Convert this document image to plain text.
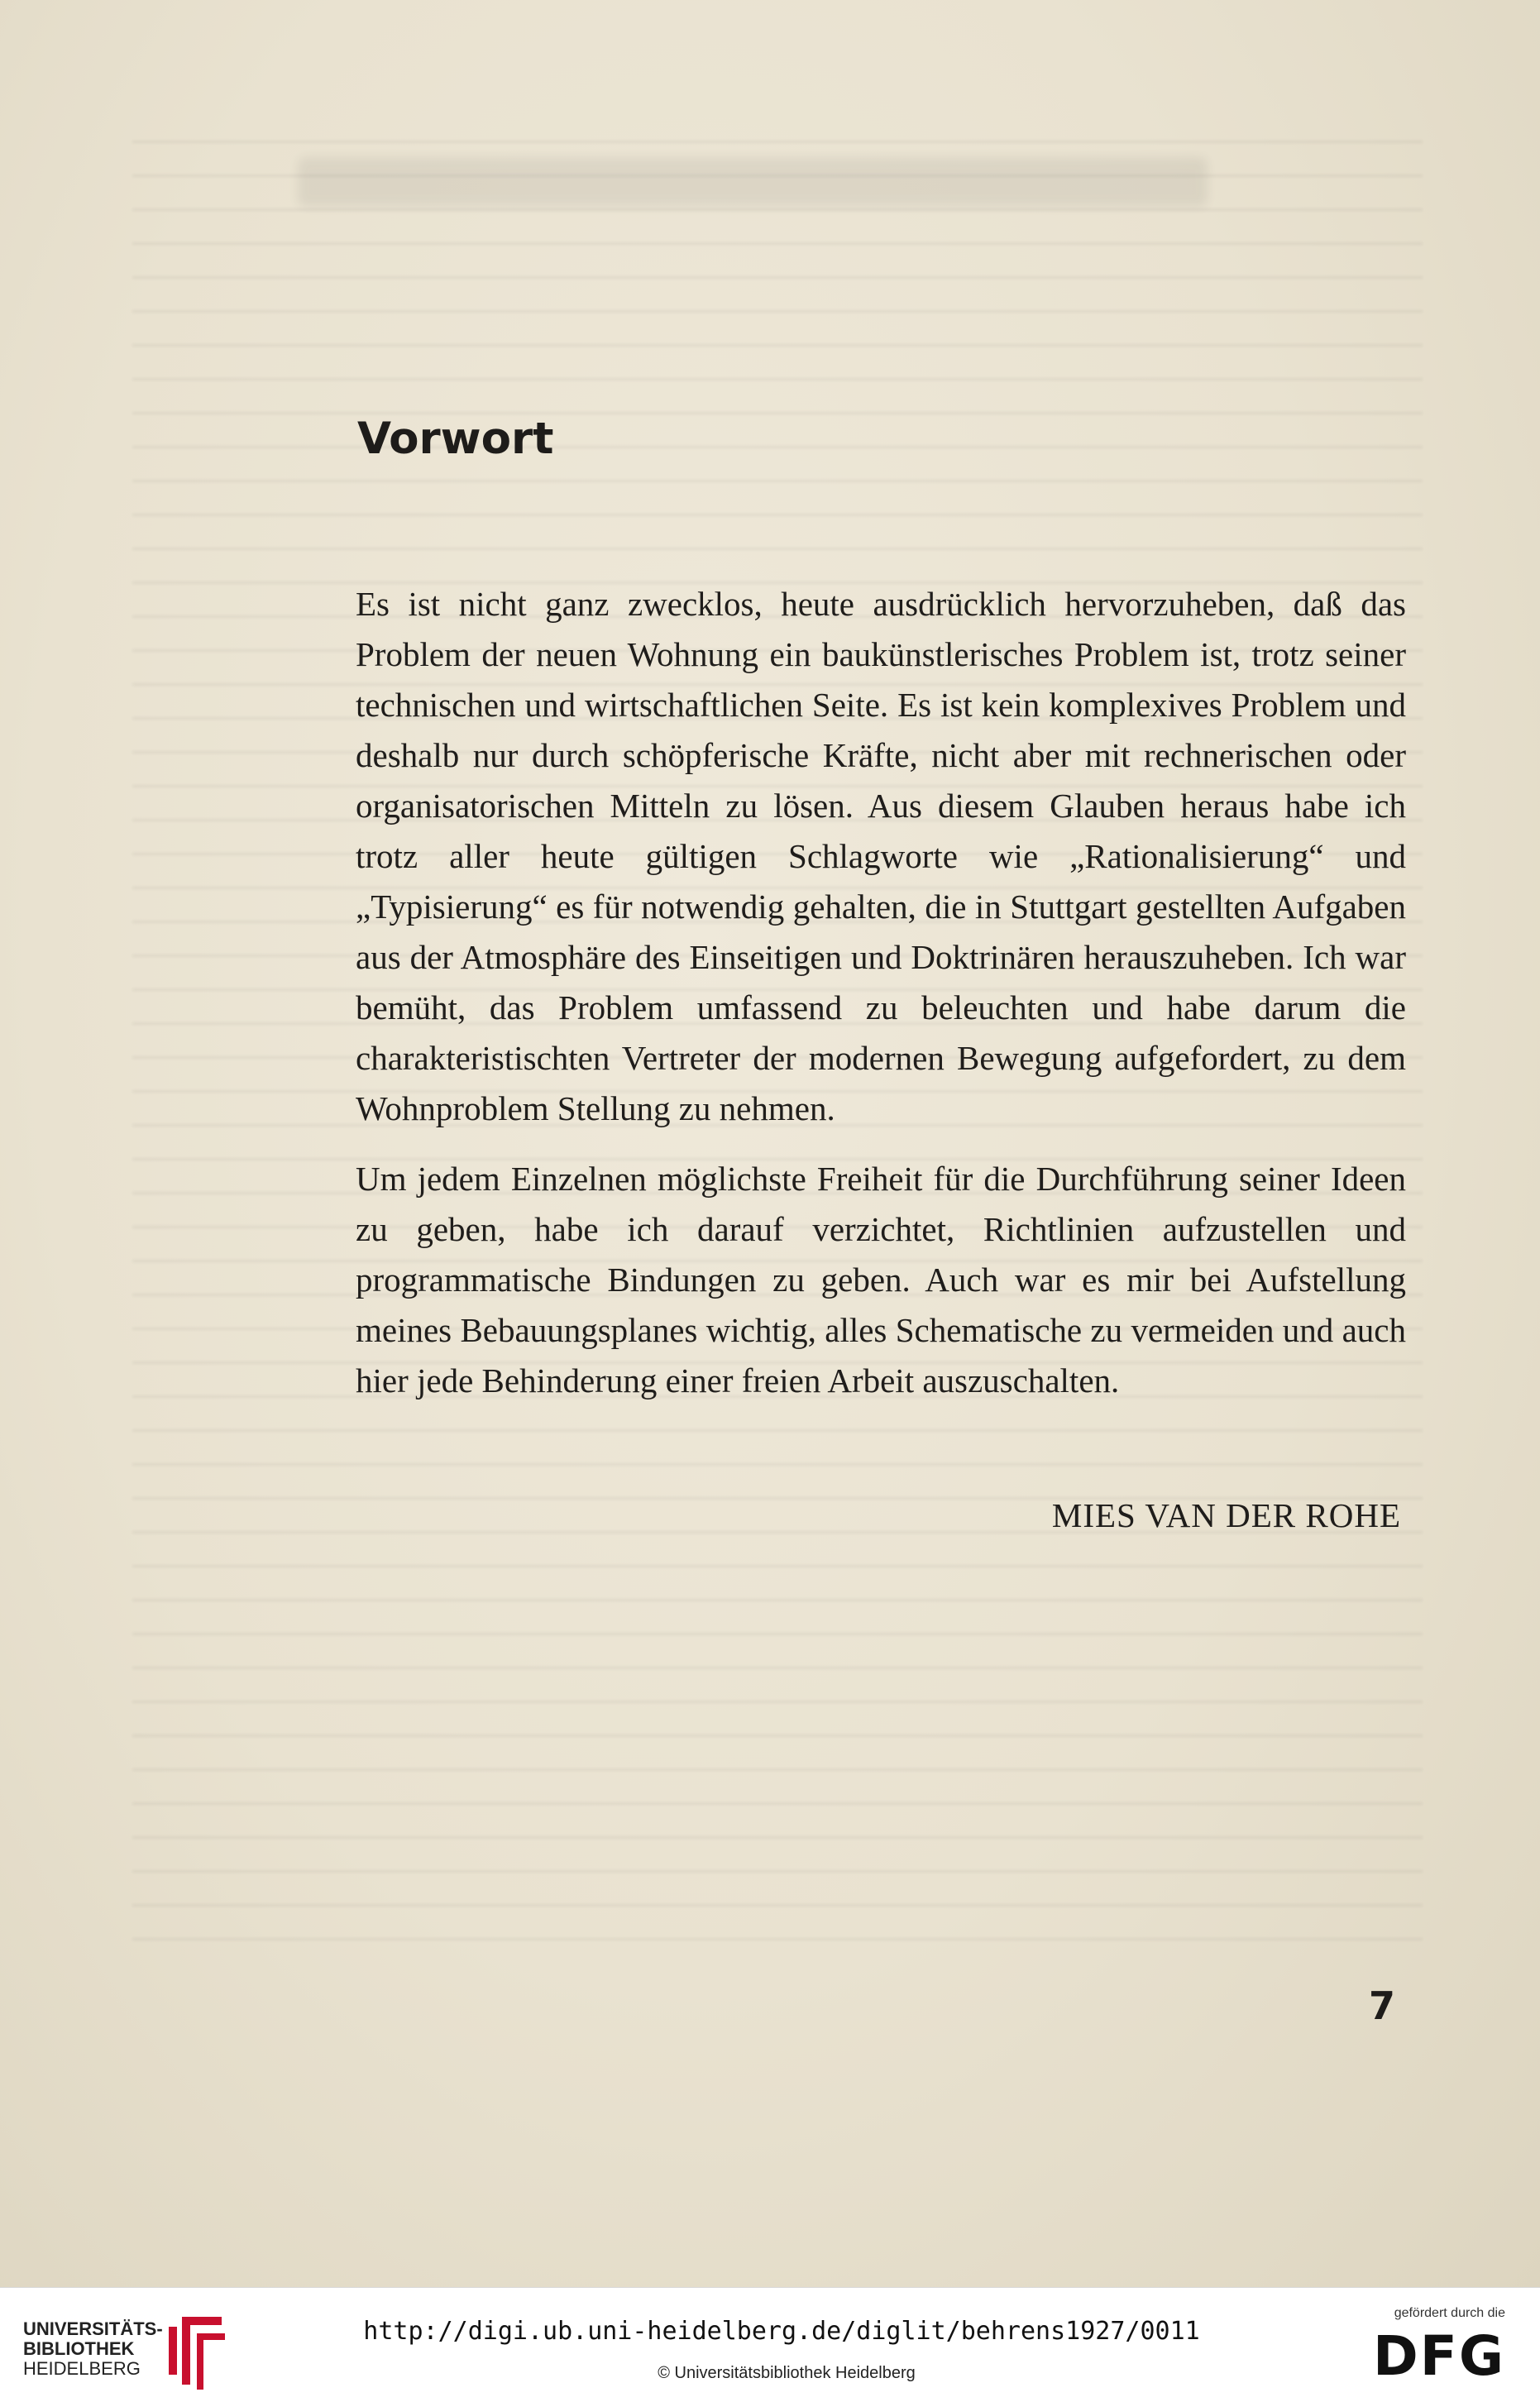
Vorwort

Es ist nicht ganz zwecklos, heute ausdrücklich hervorzuheben, daß das Problem der neuen Wohnung ein baukünstlerisches Problem ist, trotz seiner technischen und wirtschaftlichen Seite. Es ist kein komplexives Problem und deshalb nur durch schöpferische Kräfte, nicht aber mit rechnerischen oder organisatorischen Mitteln zu lösen. Aus diesem Glauben heraus habe ich trotz aller heute gültigen Schlagworte wie „Rationalisierung“ und „Typisierung“ es für notwendig gehalten, die in Stuttgart gestellten Aufgaben aus der Atmosphäre des Einseitigen und Doktrinären herauszuheben. Ich war bemüht, das Problem umfassend zu beleuchten und habe darum die charakteristischten Vertreter der modernen Bewegung aufgefordert, zu dem Wohnproblem Stellung zu nehmen.

Um jedem Einzelnen möglichste Freiheit für die Durchführung seiner Ideen zu geben, habe ich darauf verzichtet, Richtlinien aufzustellen und programmatische Bindungen zu geben. Auch war es mir bei Aufstellung meines Bebauungsplanes wichtig, alles Schematische zu vermeiden und auch hier jede Behinderung einer freien Arbeit auszuschalten.

MIES VAN DER ROHE
7
UNIVERSITÄTS-
BIBLIOTHEK
HEIDELBERG
http://digi.ub.uni-heidelberg.de/diglit/behrens1927/0011
© Universitätsbibliothek Heidelberg
gefördert durch die
DFG
